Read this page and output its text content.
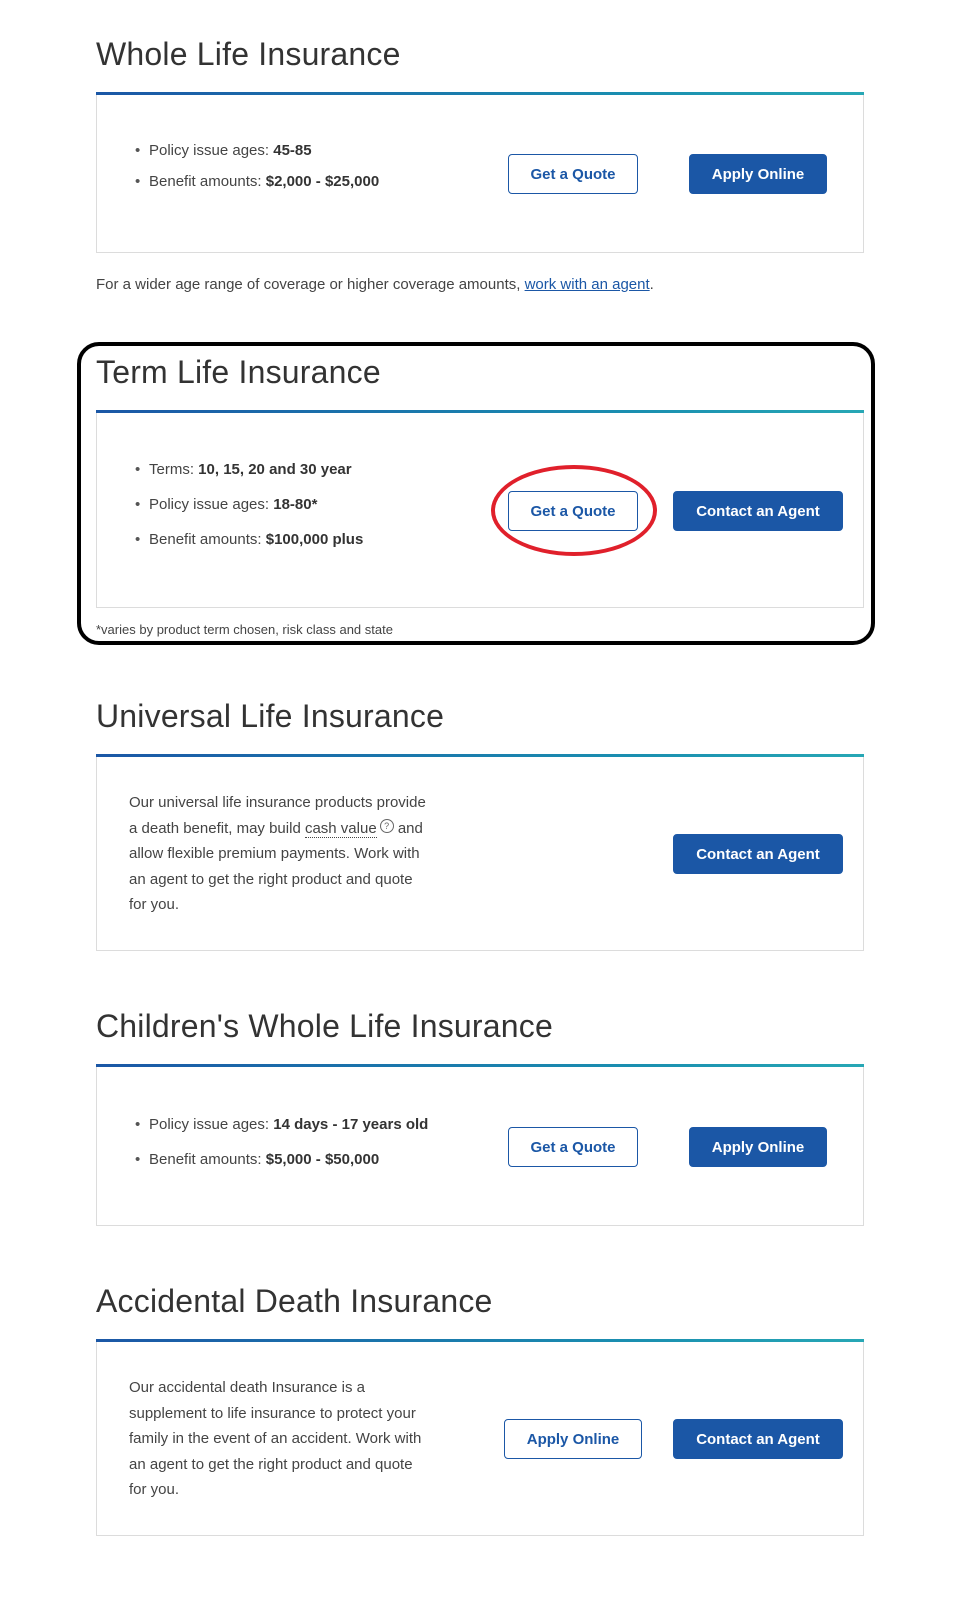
Whole Life Insurance
• Policy issue ages: 45-85
• Benefit amounts: $2,000 - $25,000	Get a Quote	Apply Online
For a wider age range of coverage or higher coverage amounts, work with an agent.
Term Life Insurance
• Terms: 10, 15, 20 and 30 year
• Policy issue ages: 18-80*
• Benefit amounts: $100,000 plus
Get a Quote	Contact an Agent
*varies by product term chosen, risk class and state
Universal Life Insurance
Our universal life insurance products provide
a death benefit, may build cash value ? and
allow flexible premium payments. Work with
an agent to get the right product and quote
for you.
Contact an Agent
Children's Whole Life Insurance
• Policy issue ages: 14 days - 17 years old
• Benefit amounts: $5,000 - $50,000
Get a Quote	Apply Online
Accidental Death Insurance
Our accidental death Insurance is a
supplement to life insurance to protect your
family in the event of an accident. Work with
an agent to get the right product and quote
for you.
Apply Online	Contact an Agent
